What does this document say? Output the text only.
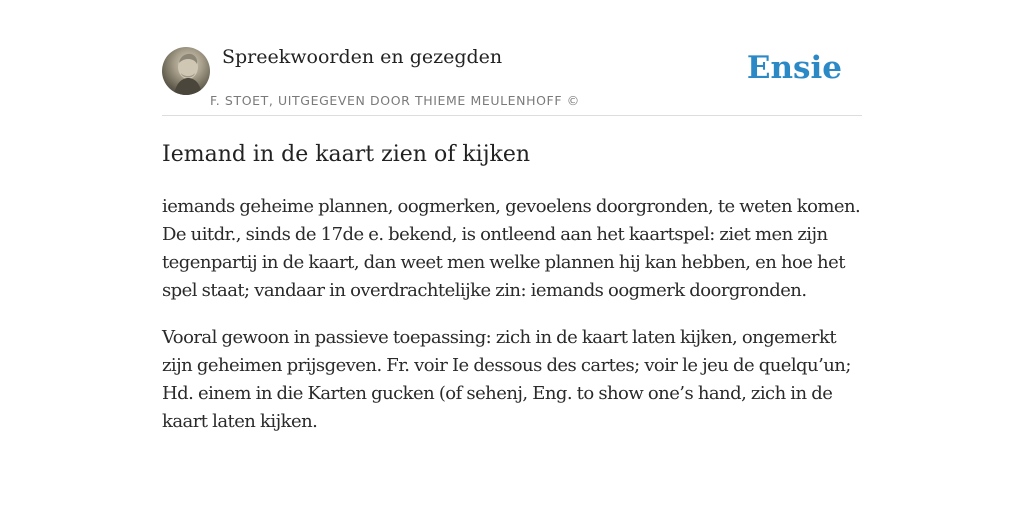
Spreekwoorden en gezegden
F. STOET, UITGEGEVEN DOOR THIEME MEULENHOFF ©
Ensie
Iemand in de kaart zien of kijken

iemands geheime plannen, oogmerken, gevoelens doorgronden, te weten komen. De uitdr., sinds de 17de e. bekend, is ontleend aan het kaartspel: ziet men zijn tegenpartij in de kaart, dan weet men welke plannen hij kan hebben, en hoe het spel staat; vandaar in overdrachtelijke zin: iemands oogmerk doorgronden.

Vooral gewoon in passieve toepassing: zich in de kaart laten kijken, ongemerkt zijn geheimen prijsgeven. Fr. voir Ie dessous des cartes; voir le jeu de quelqu’un; Hd. einem in die Karten gucken (of sehenj, Eng. to show one’s hand, zich in de kaart laten kijken.
